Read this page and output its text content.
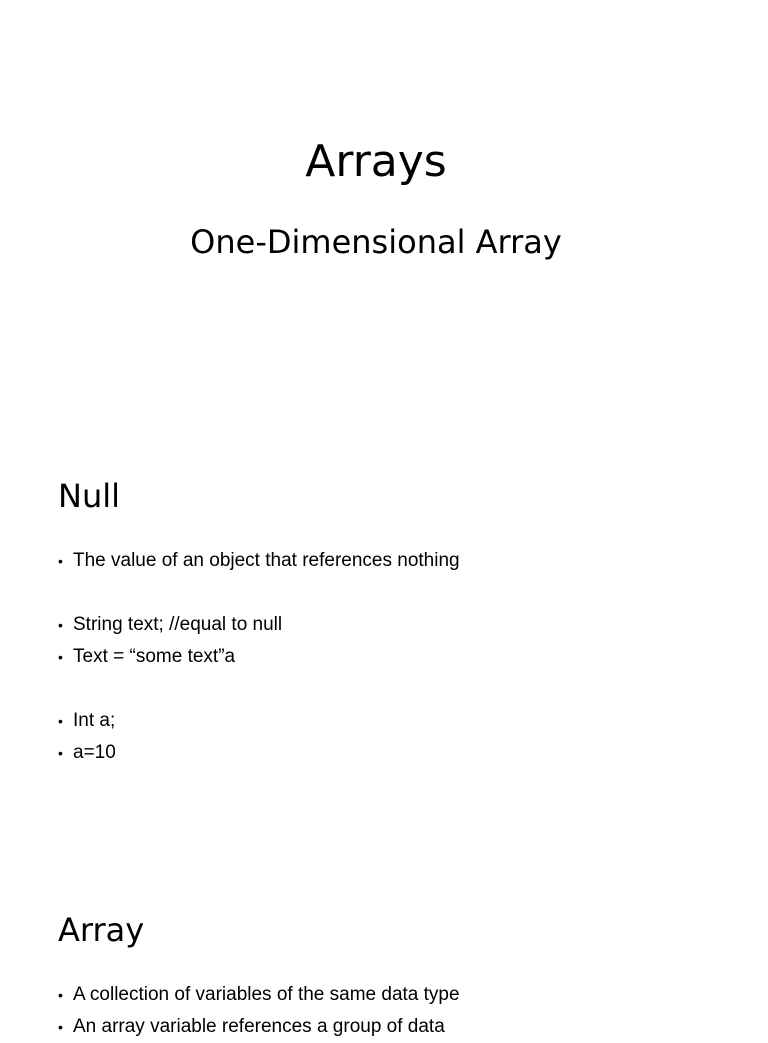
Arrays
One-Dimensional Array
Null
• The value of an object that references nothing
• String text; //equal to null
• Text = “some text”a
• Int a;
• a=10
Array
• A collection of variables of the same data type
• An array variable references a group of data
